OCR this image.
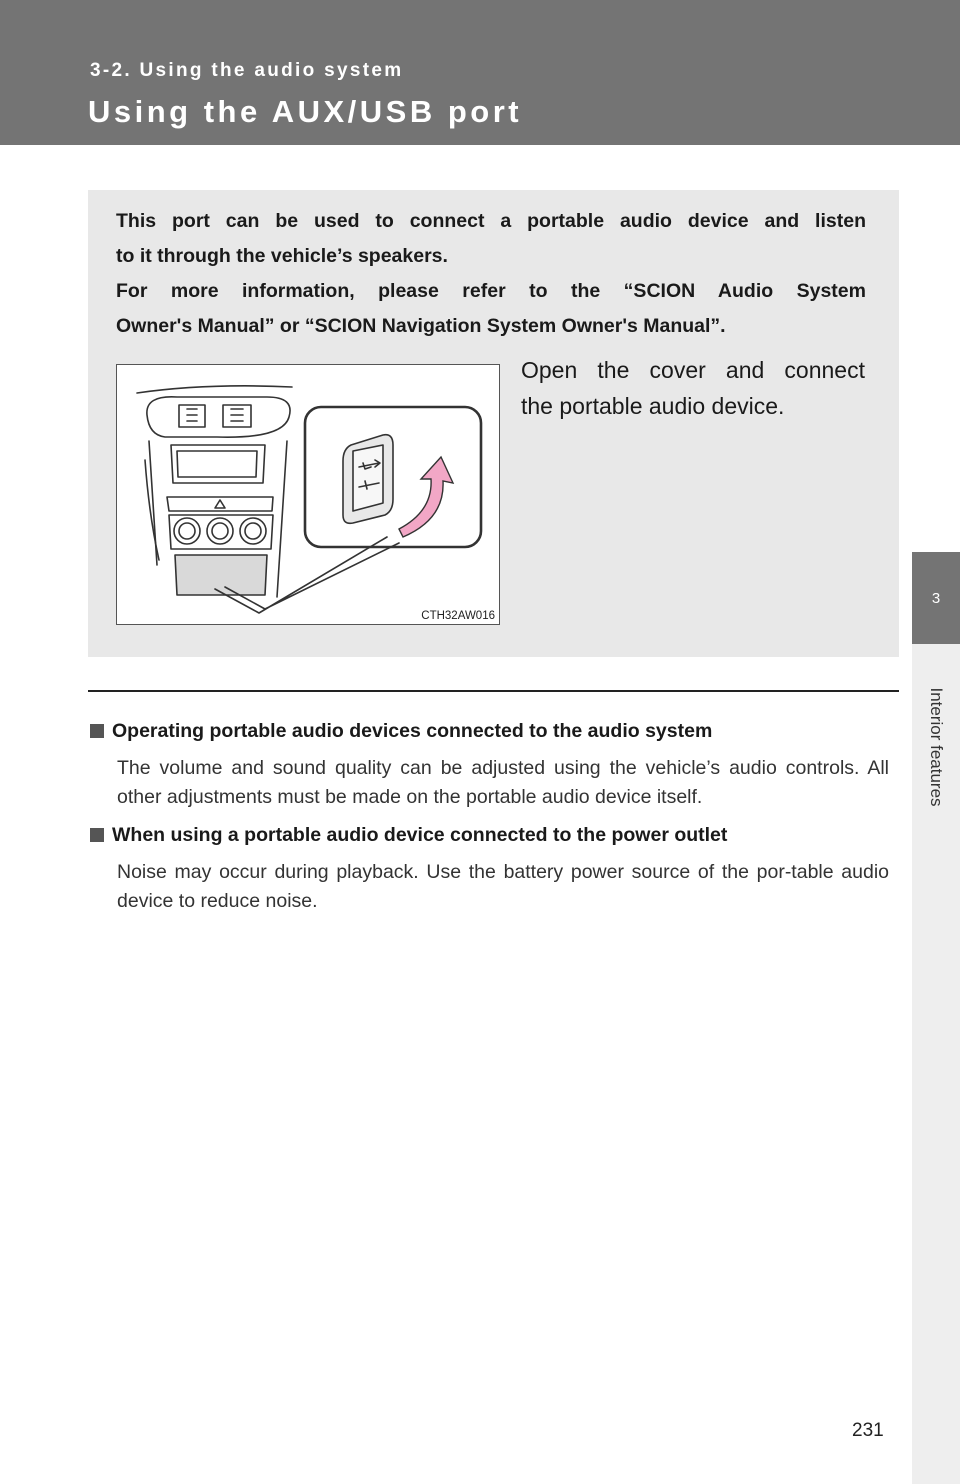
3-2. Using the audio system
Using the AUX/USB port
3
Interior features
This port can be used to connect a portable audio device and listen
to it through the vehicle’s speakers.
For more information, please refer to the “SCION Audio System
Owner's Manual” or “SCION Navigation System Owner's Manual”.
CTH32AW016
Open the cover and connect
the portable audio device.
Operating portable audio devices connected to the audio system
The volume and sound quality can be adjusted using the vehicle’s audio controls. All other adjustments must be made on the portable audio device itself.
When using a portable audio device connected to the power outlet
Noise may occur during playback. Use the battery power source of the por-table audio device to reduce noise.
231
